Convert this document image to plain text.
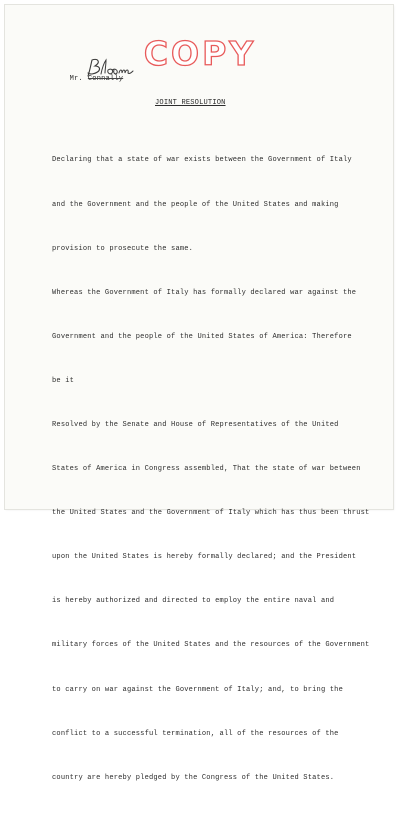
COPY

Mr. Connally

JOINT RESOLUTION

Declaring that a state of war exists between the Government of Italy

and the Government and the people of the United States and making

provision to prosecute the same.

Whereas the Government of Italy has formally declared war against the

Government and the people of the United States of America: Therefore

be it

Resolved by the Senate and House of Representatives of the United

States of America in Congress assembled, That the state of war between

the United States and the Government of Italy which has thus been thrust

upon the United States is hereby formally declared; and the President

is hereby authorized and directed to employ the entire naval and

military forces of the United States and the resources of the Government

to carry on war against the Government of Italy; and, to bring the

conflict to a successful termination, all of the resources of the

country are hereby pledged by the Congress of the United States.
